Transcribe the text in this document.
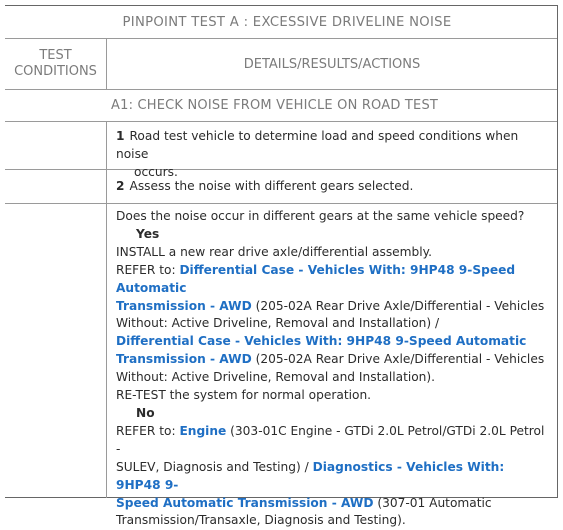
PINPOINT TEST A : EXCESSIVE DRIVELINE NOISE
TEST
CONDITIONS	DETAILS/RESULTS/ACTIONS
A1: CHECK NOISE FROM VEHICLE ON ROAD TEST
1 Road test vehicle to determine load and speed conditions when noise
occurs.
2 Assess the noise with different gears selected.
Does the noise occur in different gears at the same vehicle speed?
Yes
INSTALL a new rear drive axle/differential assembly.
REFER to: Differential Case - Vehicles With: 9HP48 9-Speed Automatic
Transmission - AWD (205-02A Rear Drive Axle/Differential - Vehicles
Without: Active Driveline, Removal and Installation) /
Differential Case - Vehicles With: 9HP48 9-Speed Automatic
Transmission - AWD (205-02A Rear Drive Axle/Differential - Vehicles
Without: Active Driveline, Removal and Installation).
RE-TEST the system for normal operation.
No
REFER to: Engine (303-01C Engine - GTDi 2.0L Petrol/GTDi 2.0L Petrol -
SULEV, Diagnosis and Testing) / Diagnostics - Vehicles With: 9HP48 9-
Speed Automatic Transmission - AWD (307-01 Automatic
Transmission/Transaxle, Diagnosis and Testing).
